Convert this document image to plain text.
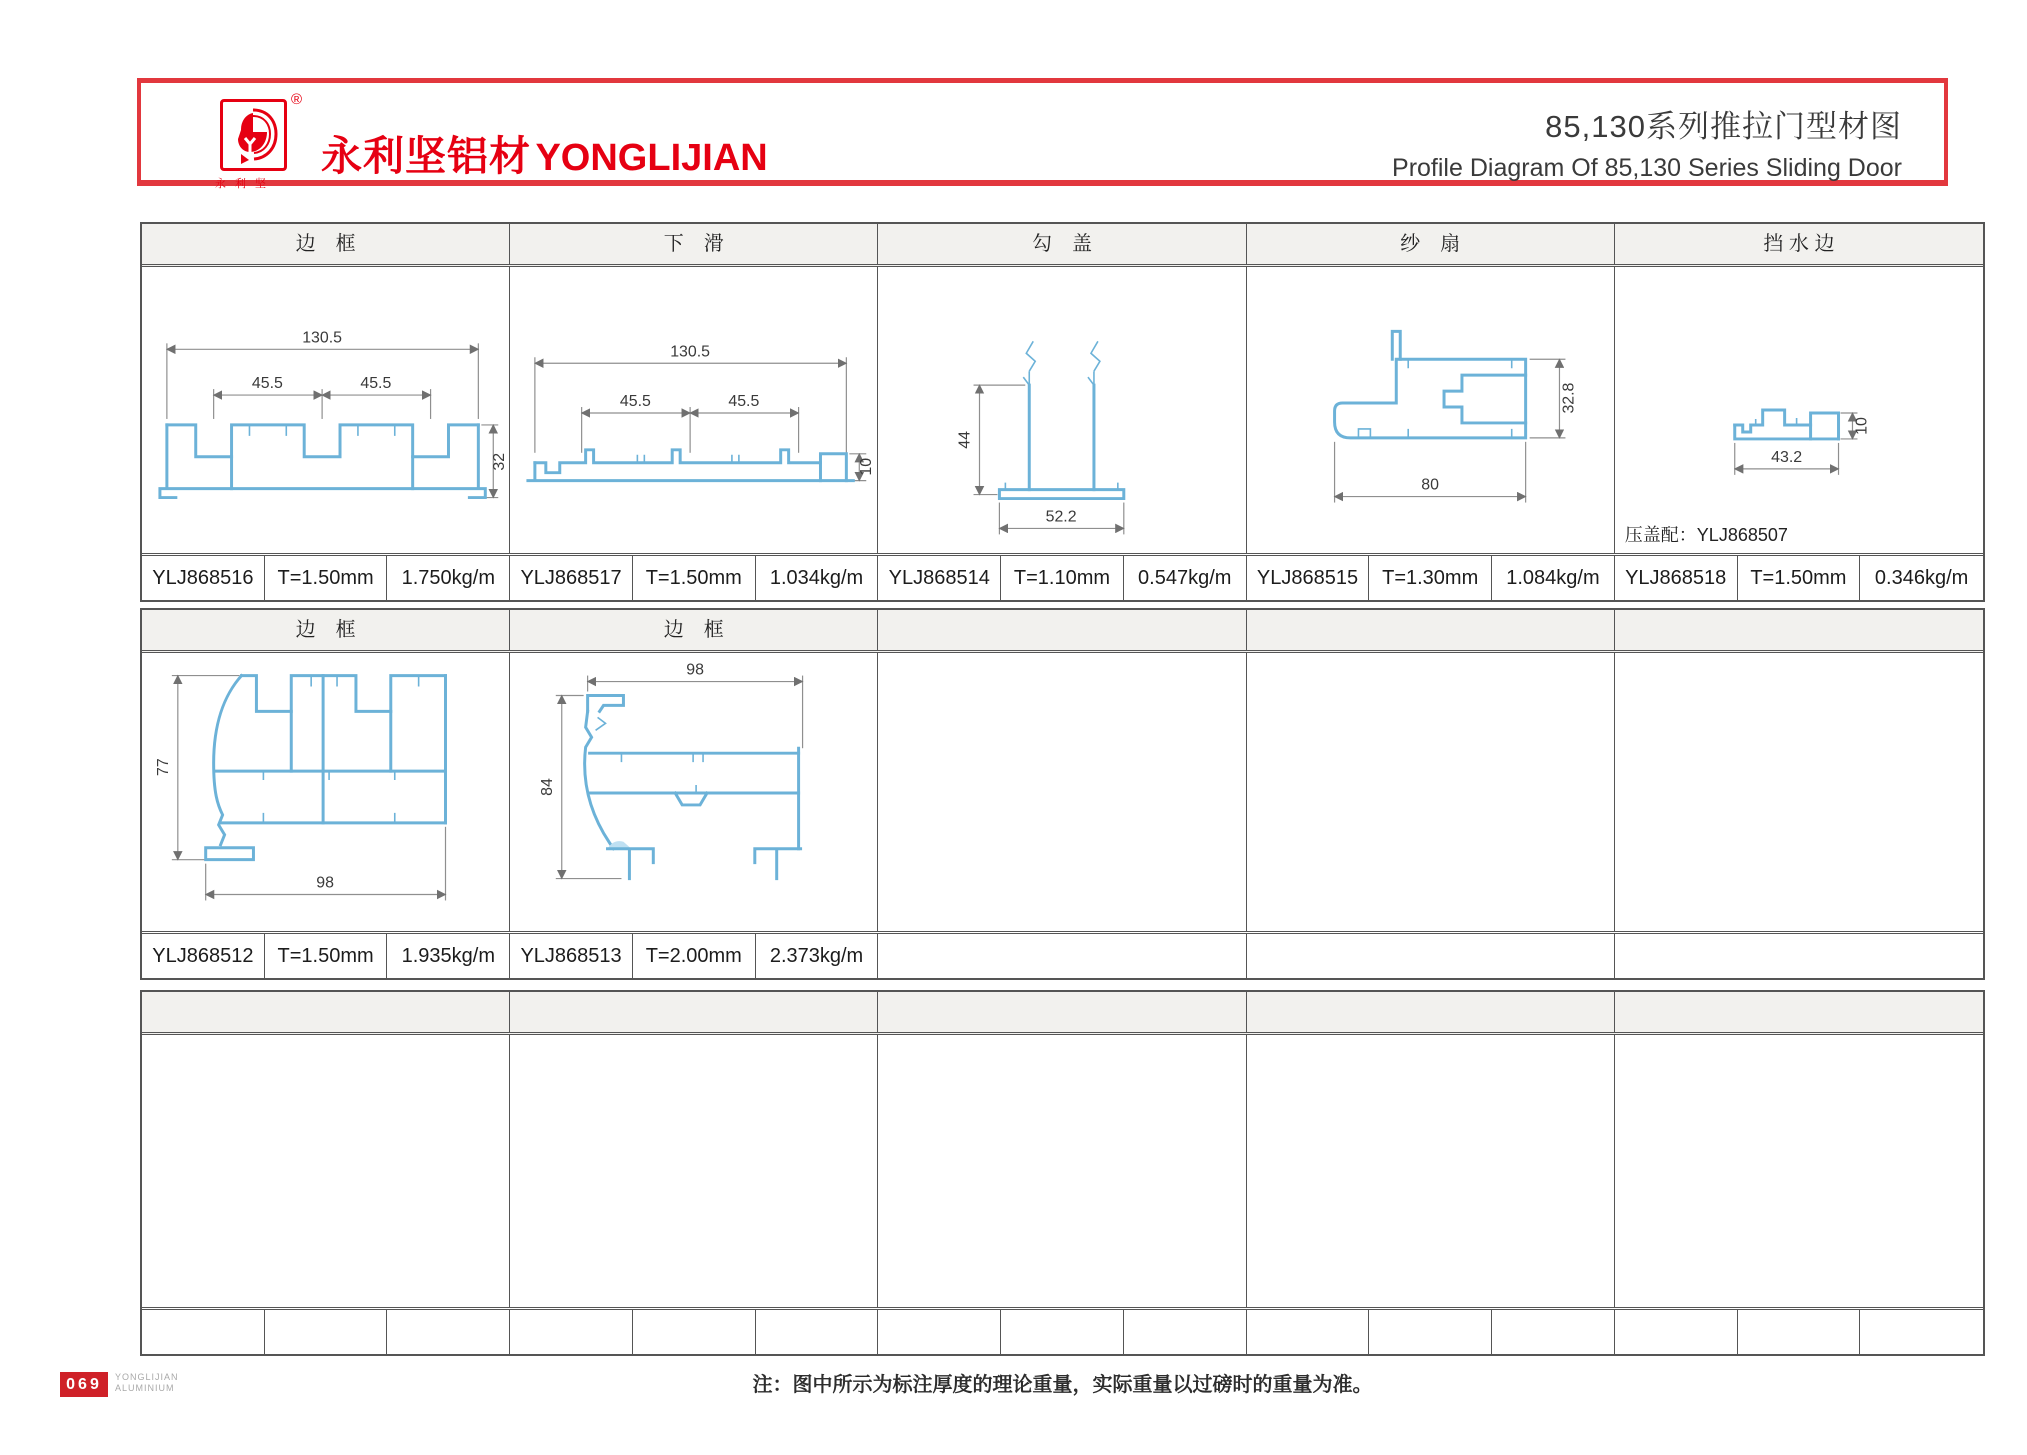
®
永利坚
永利坚铝材 YONGLIJIAN
85,130系列推拉门型材图
Profile Diagram Of 85,130 Series Sliding Door
边　框	下　滑	勾　盖	纱　扇	挡 水 边
130.5
45.5	45.5
32
130.5
45.5	45.5
10
44
52.2
80
32.8
43.2
10
压盖配：YLJ868507
YLJ868516	T=1.50mm	1.750kg/m	YLJ868517	T=1.50mm	1.034kg/m	YLJ868514	T=1.10mm	0.547kg/m	YLJ868515	T=1.30mm	1.084kg/m	YLJ868518	T=1.50mm	0.346kg/m
边　框	边　框
77
98
98
84
YLJ868512	T=1.50mm	1.935kg/m	YLJ868513	T=2.00mm	2.373kg/m
069	YONGLIJIAN
ALUMINIUM	注：图中所示为标注厚度的理论重量，实际重量以过磅时的重量为准。
